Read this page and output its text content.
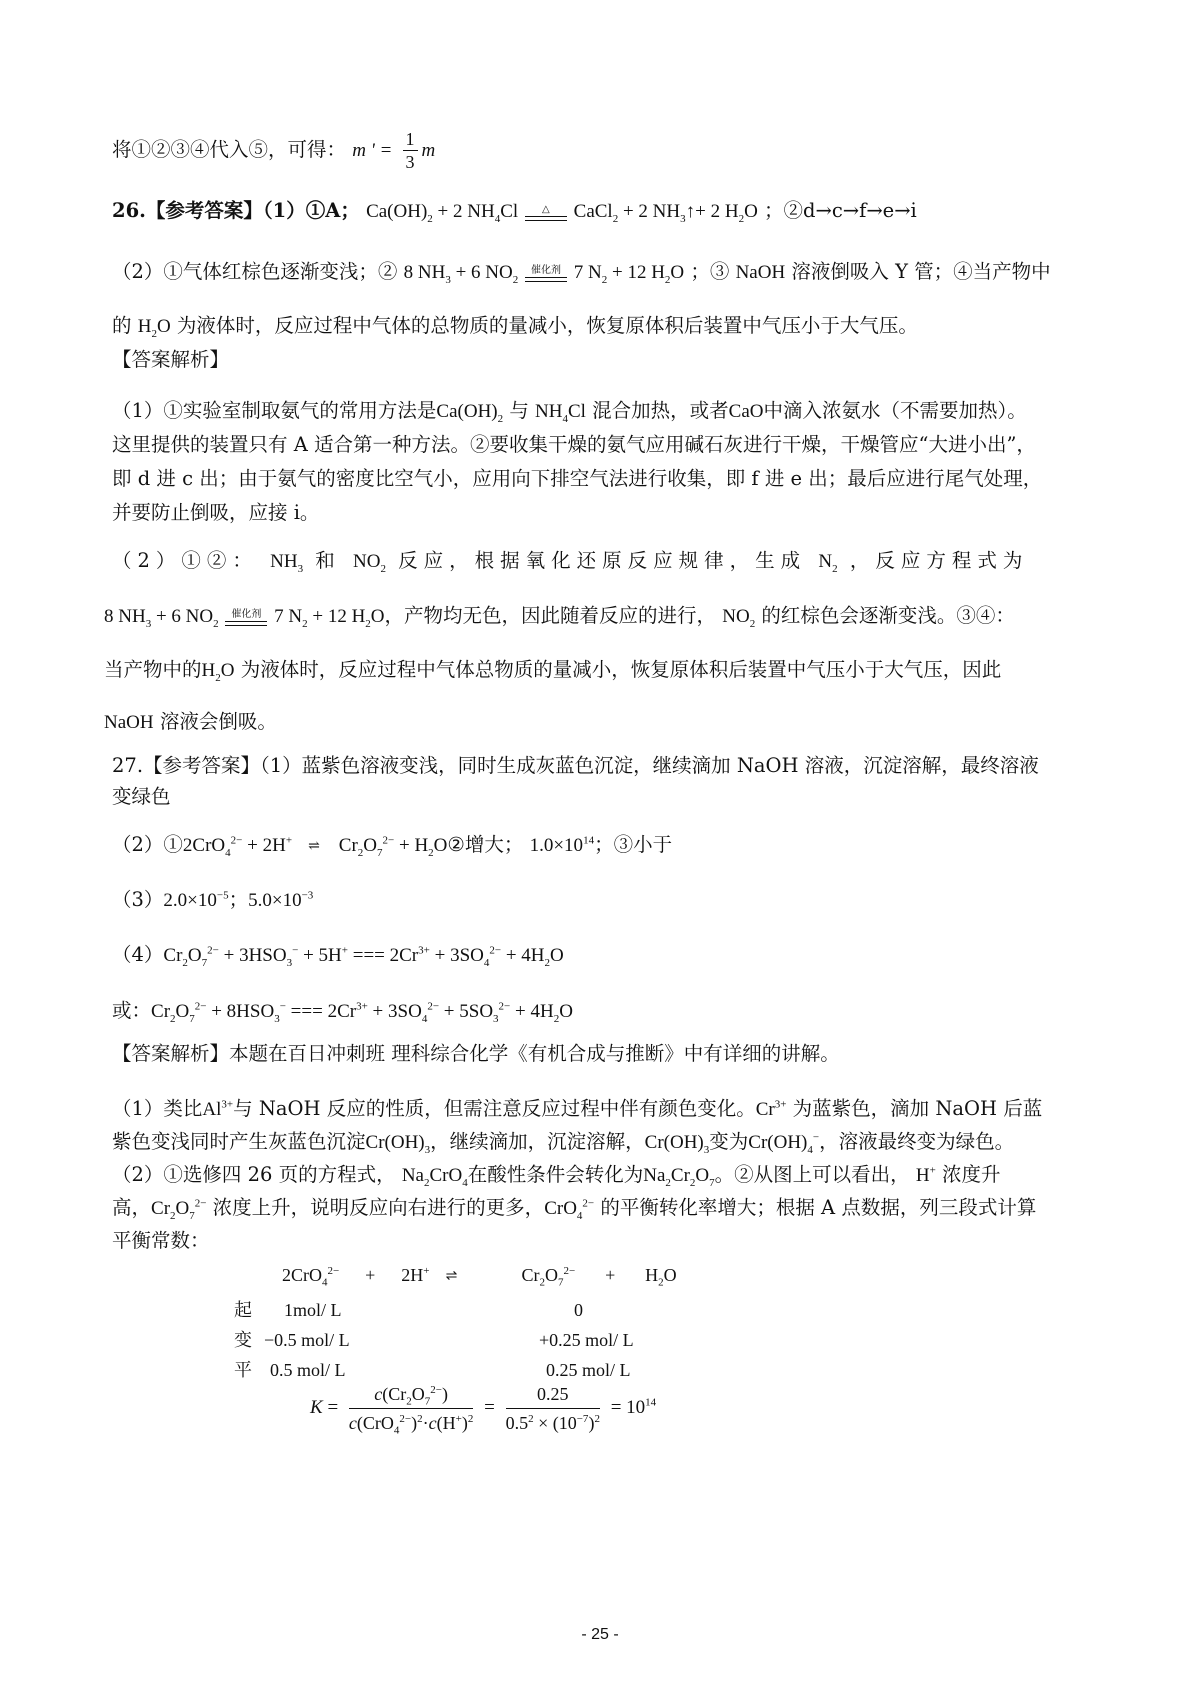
将①②③④代入⑤，可得： m ' = $\frac{1}{3}$ m
26.【参考答案】（1）①A； $Ca(OH)_2 + 2$ $NH_4Cl$	△	CaCl$_2$ + 2 $NH_3↑+ 2$ $H_2O$ ；②d→c→f→e→i
（2）①气体红棕色逐渐变浅；② 8 $NH_3 + 6$ $NO_2$
催化剂 7 $N_2 + 12$ $H_2O$ ；③ NaOH 溶液倒吸入 Y 管；④当产物中
的 $H_2O$ 为液体时，反应过程中气体的总物质的量减小，恢复原体积后装置中气压小于大气压。
【答案解析】
（1）①实验室制取氨气的常用方法是$Ca(OH)_2$ 与 $NH_4Cl$ 混合加热，或者CaO中滴入浓氨水（不需要加热）。
这里提供的装置只有 A 适合第一种方法。②要收集干燥的氨气应用碱石灰进行干燥，干燥管应“大进小出”，
即 d 进 c 出；由于氨气的密度比空气小，应用向下排空气法进行收集，即 f 进 e 出；最后应进行尾气处理，
并要防止倒吸，应接 i。
（2）①②： $NH_3$ 和 $NO_2$ 反应，根据氧化还原反应规律，生成 $N_2$ ，反应方程式为
8 $NH_3 + 6$ $NO_2$
催化剂 7 $N_2 + 12$ $H_2O$，产物均无色，因此随着反应的进行， $NO_2$ 的红棕色会逐渐变浅。③④：
当产物中的$H_2O$ 为液体时，反应过程中气体总物质的量减小，恢复原体积后装置中气压小于大气压，因此
NaOH 溶液会倒吸。
27.【参考答案】（1）蓝紫色溶液变浅，同时生成灰蓝色沉淀，继续滴加 NaOH 溶液，沉淀溶解，最终溶液
变绿色
（2）①2CrO$_4^{2-}$ + 2H+ ⇌ $Cr_2O_7^{2-}$ + $H_2O②$增大； $1.0\times 10^{14}$；③小于
$(3)2.0\times 10^{-5}$；$5.0\times 10^{-3}$
$(4)Cr_2O_7^{2-} + 3HSO_3^- + 5H^+$ === $2Cr^{3+} + 3SO_4^{2-} + 4H_2O$
或：$Cr_2O_7^{2-} + 8HSO_3^-$ === $2Cr^{3+} + 3SO_4^{2-} + 5SO_3^{2-} + 4H_2O$
【答案解析】本题在百日冲刺班 理科综合化学《有机合成与推断》中有详细的讲解。
（1）类比$Al^{3+}$与 NaOH 反应的性质，但需注意反应过程中伴有颜色变化。$Cr^{3+}$ 为蓝紫色，滴加 NaOH 后蓝
紫色变浅同时产生灰蓝色沉淀$Cr(OH)_3$，继续滴加，沉淀溶解，$Cr(OH)_3$变为$Cr(OH)_4^-$，溶液最终变为绿色。
（2）①选修四 26 页的方程式， $Na_2CrO_4$在酸性条件会转化为$Na_2Cr_2O_7$。②从图上可以看出， H+ 浓度升
高，$Cr_2O_7^{2-}$ 浓度上升，说明反应向右进行的更多，CrO$_4^{2-}$ 的平衡转化率增大；根据 A 点数据，列三段式计算
平衡常数：
2CrO$_4^{2-}$ + 2H+ ⇌	$Cr_2O_7^{2-} + H_2O$
起 1mol/ L	0
变 −0.5 mol/ L	+0.25 mol/ L
平 0.5 mol/ L	0.25 mol/ L
K =
$c(Cr_2O_7^{2-})$
$c(CrO_4^{2-})^2\cdot c(H^+)^2$
= $\frac{0.25}{0.5^2 \times (10^{-7})^2} = 10^{14}$
- 25 -
